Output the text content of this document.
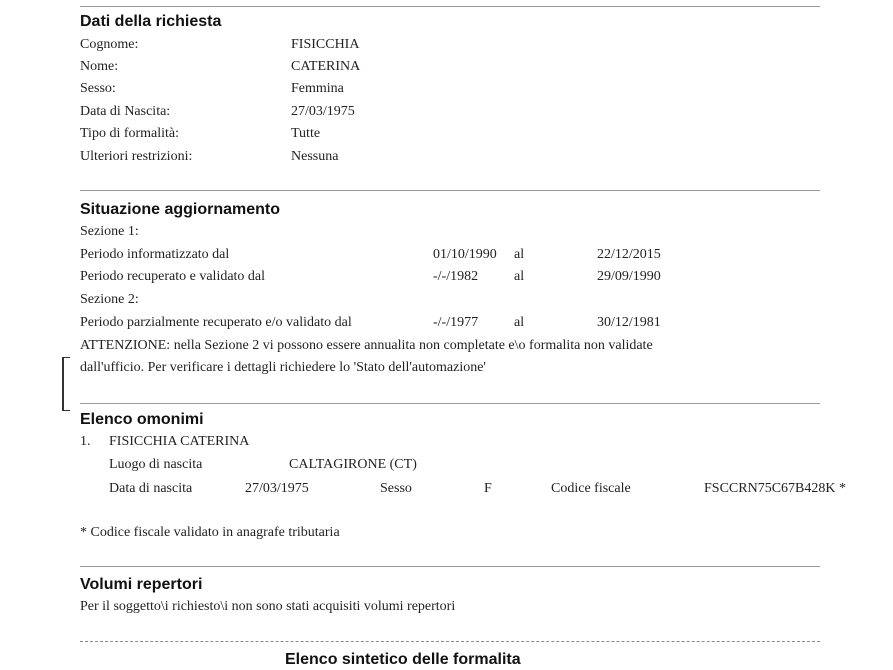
Dati della richiesta
Cognome:	FISICCHIA
Nome:	CATERINA
Sesso:	Femmina
Data di Nascita:	27/03/1975
Tipo di formalità:	Tutte
Ulteriori restrizioni:	Nessuna
Situazione aggiornamento
Sezione 1:
Periodo informatizzato dal	01/10/1990 al	22/12/2015
Periodo recuperato e validato dal	-/-/1982	al	29/09/1990
Sezione 2:
Periodo parzialmente recuperato e/o validato dal	-/-/1977	al	30/12/1981
ATTENZIONE: nella Sezione 2 vi possono essere annualita non completate e\o formalita non validate
dall'ufficio. Per verificare i dettagli richiedere lo 'Stato dell'automazione'
Elenco omonimi
1. FISICCHIA CATERINA
Luogo di nascita	CALTAGIRONE (CT)
Data di nascita	27/03/1975	Sesso	F	Codice fiscale	FSCCRN75C67B428K *
* Codice fiscale validato in anagrafe tributaria
Volumi repertori
Per il soggetto\i richiesto\i non sono stati acquisiti volumi repertori
Elenco sintetico delle formalita
